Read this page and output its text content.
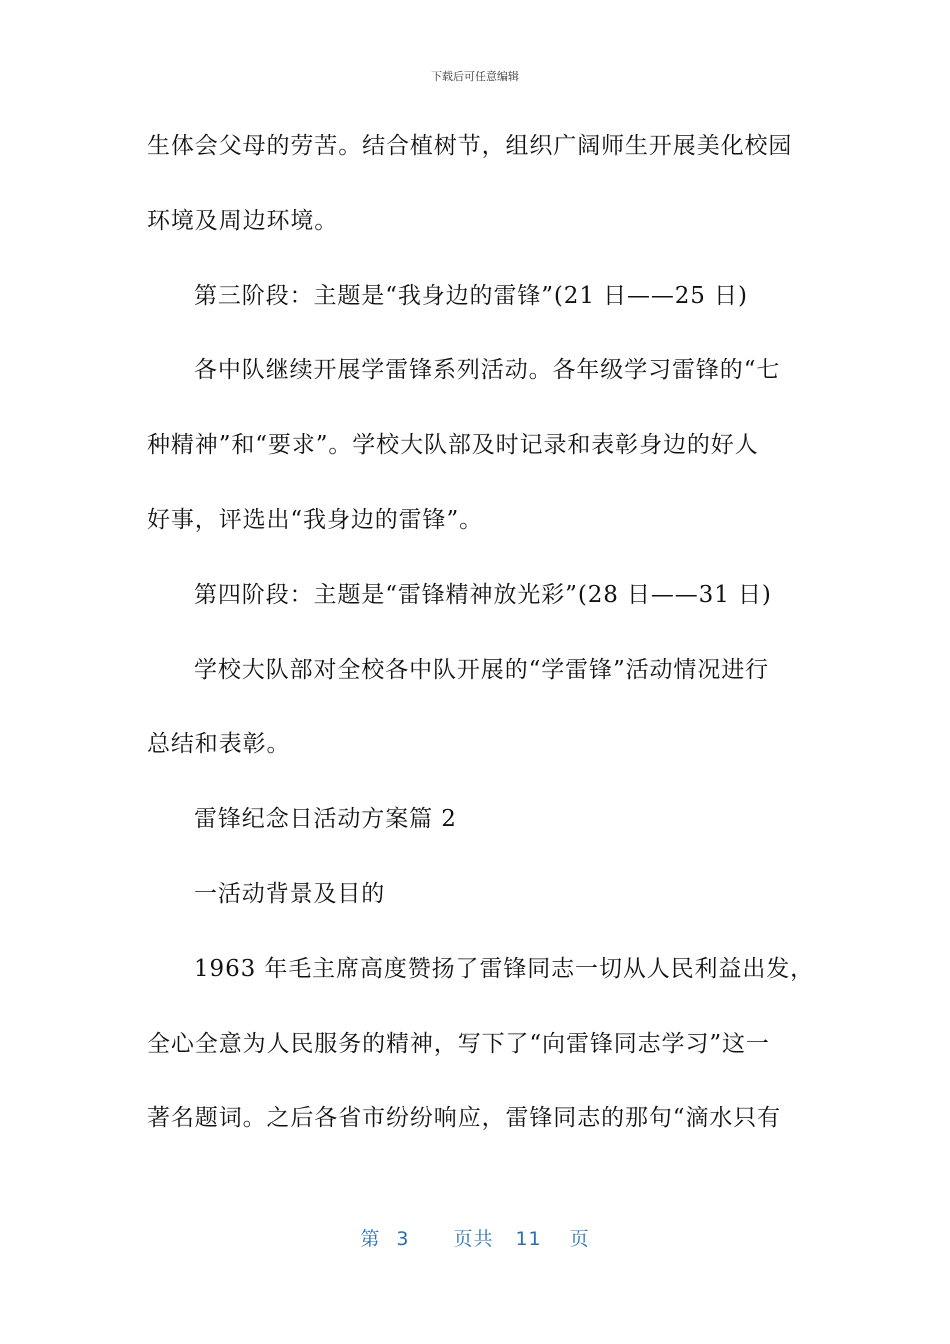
下载后可任意编辑
生体会父母的劳苦。结合植树节，组织广阔师生开展美化校园
环境及周边环境。
第三阶段：主题是“我身边的雷锋”(21 日——25 日)
各中队继续开展学雷锋系列活动。各年级学习雷锋的“七
种精神”和“要求”。学校大队部及时记录和表彰身边的好人
好事，评选出“我身边的雷锋”。
第四阶段：主题是“雷锋精神放光彩”(28 日——31 日)
学校大队部对全校各中队开展的“学雷锋”活动情况进行
总结和表彰。
雷锋纪念日活动方案篇 2
一活动背景及目的
1963 年毛主席高度赞扬了雷锋同志一切从人民利益出发，
全心全意为人民服务的精神，写下了“向雷锋同志学习”这一
著名题词。之后各省市纷纷响应，雷锋同志的那句“滴水只有
第 3 页共 11 页
